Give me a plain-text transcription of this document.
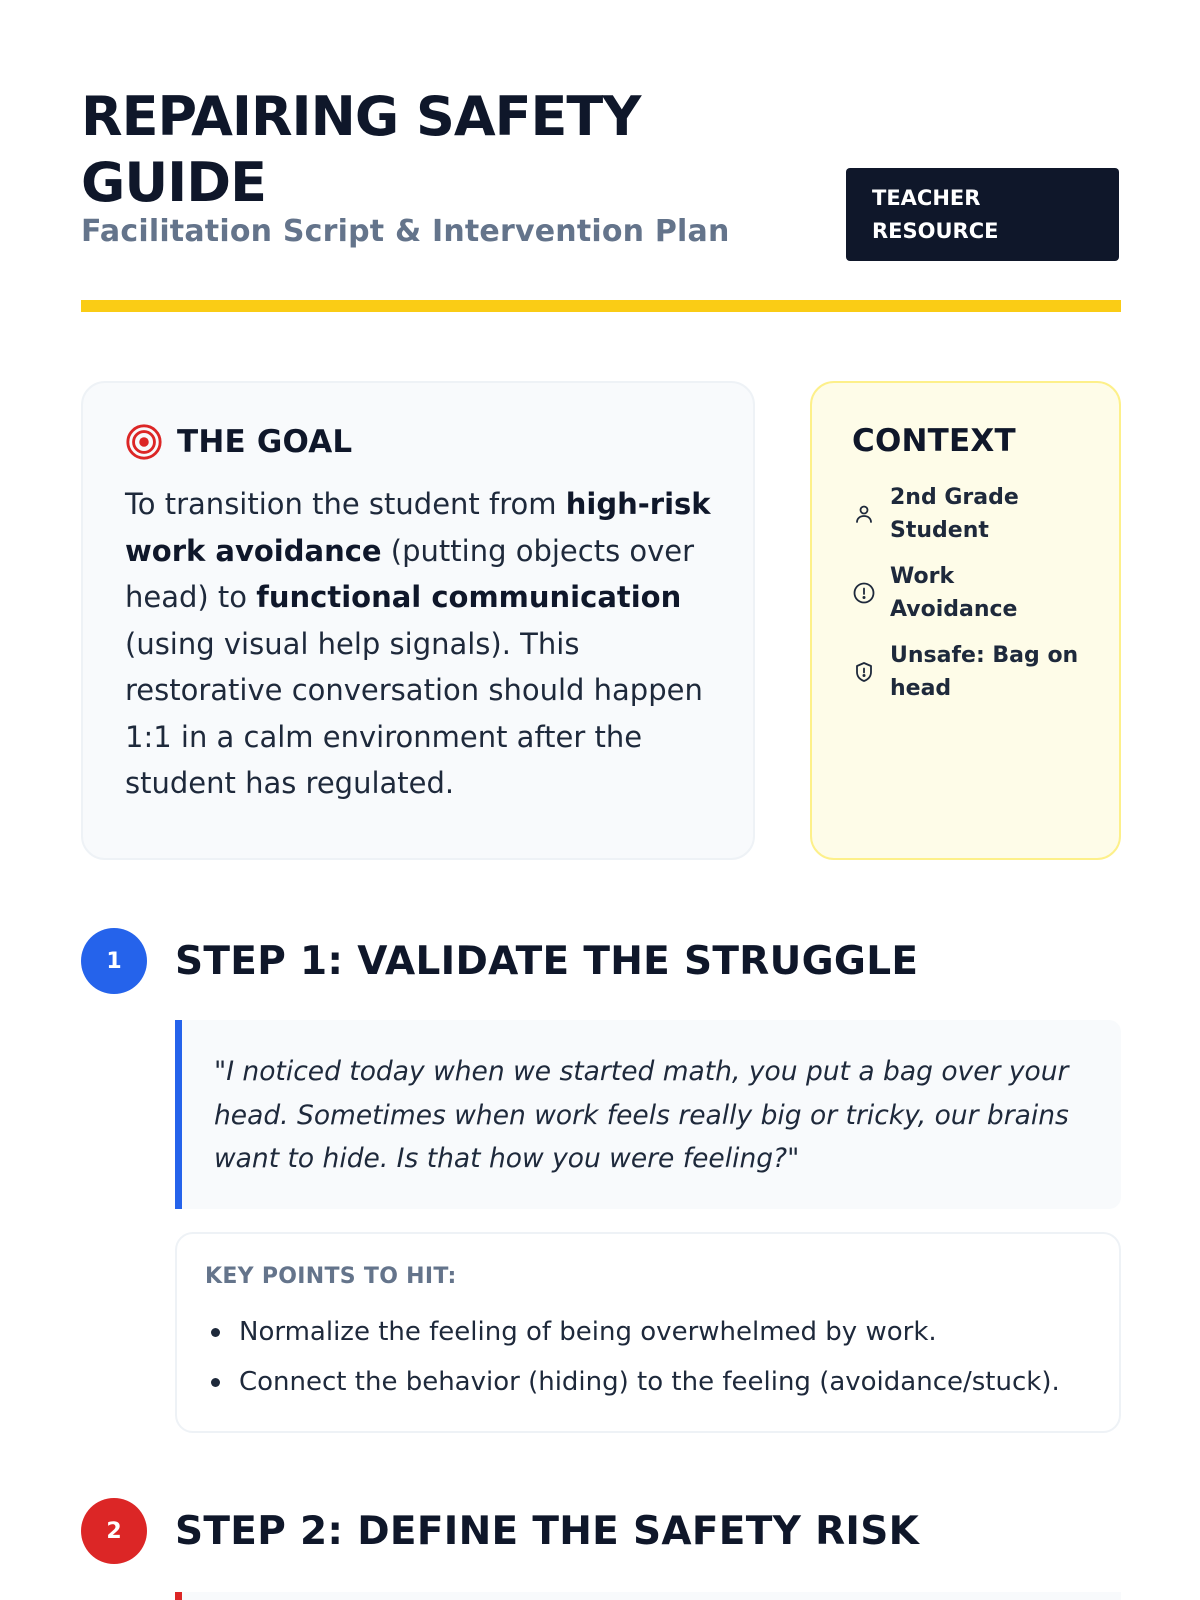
REPAIRING SAFETY GUIDE
Facilitation Script & Intervention Plan
TEACHER RESOURCE
THE GOAL

To transition the student from high-risk work avoidance (putting objects over head) to functional communication (using visual help signals). This restorative conversation should happen 1:1 in a calm environment after the student has regulated.

CONTEXT
2nd Grade Student
Work Avoidance
Unsafe: Bag on head
1	STEP 1: VALIDATE THE STRUGGLE
"I noticed today when we started math, you put a bag over your head. Sometimes when work feels really big or tricky, our brains want to hide. Is that how you were feeling?"
KEY POINTS TO HIT:
Normalize the feeling of being overwhelmed by work.
Connect the behavior (hiding) to the feeling (avoidance/stuck).
2	STEP 2: DEFINE THE SAFETY RISK
